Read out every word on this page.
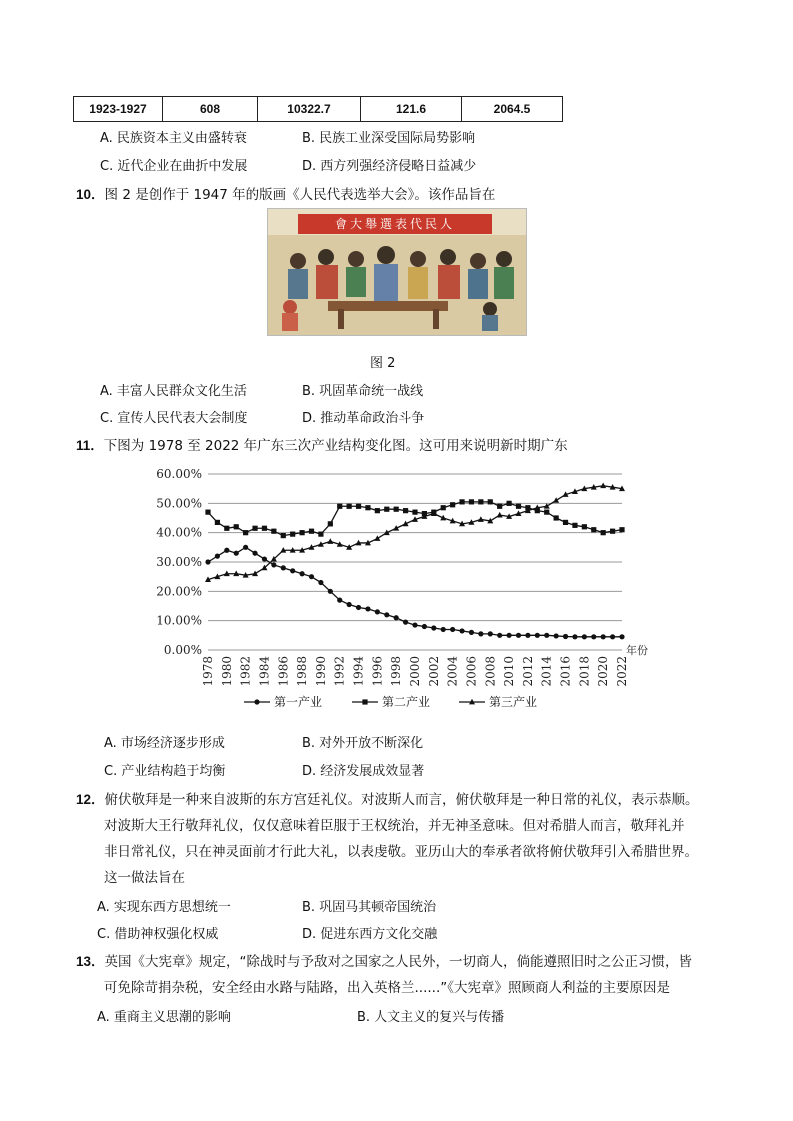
1923-1927	608	10322.7	121.6	2064.5
A. 民族资本主义由盛转衰	B. 民族工业深受国际局势影响
C. 近代企业在曲折中发展	D. 西方列强经济侵略日益减少
10．图 2 是创作于 1947 年的版画《人民代表选举大会》。该作品旨在
會大舉選表代民人
图 2
A. 丰富人民群众文化生活	B. 巩固革命统一战线
C. 宣传人民代表大会制度	D. 推动革命政治斗争
11．下图为 1978 至 2022 年广东三次产业结构变化图。这可用来说明新时期广东
0.00%
10.00%
20.00%
30.00%
40.00%
50.00%
60.00%
1978 1980 1982 1984 1986 1988 1990 1992 1994 1996 1998 2000 2002 2004 2006 2008 2010 2012 2014 2016 2018 2020 2022
年份
第一产业	第二产业	第三产业
A. 市场经济逐步形成	B. 对外开放不断深化
C. 产业结构趋于均衡	D. 经济发展成效显著
12．俯伏敬拜是一种来自波斯的东方宫廷礼仪。对波斯人而言，俯伏敬拜是一种日常的礼仪，表示恭顺。
对波斯大王行敬拜礼仪，仅仅意味着臣服于王权统治，并无神圣意味。但对希腊人而言，敬拜礼并
非日常礼仪，只在神灵面前才行此大礼，以表虔敬。亚历山大的奉承者欲将俯伏敬拜引入希腊世界。
这一做法旨在
A. 实现东西方思想统一	B. 巩固马其顿帝国统治
C. 借助神权强化权威	D. 促进东西方文化交融
13．英国《大宪章》规定，“除战时与予敌对之国家之人民外，一切商人，倘能遵照旧时之公正习惯，皆
可免除苛捐杂税，安全经由水路与陆路，出入英格兰......”《大宪章》照顾商人利益的主要原因是
A. 重商主义思潮的影响	B. 人文主义的复兴与传播
